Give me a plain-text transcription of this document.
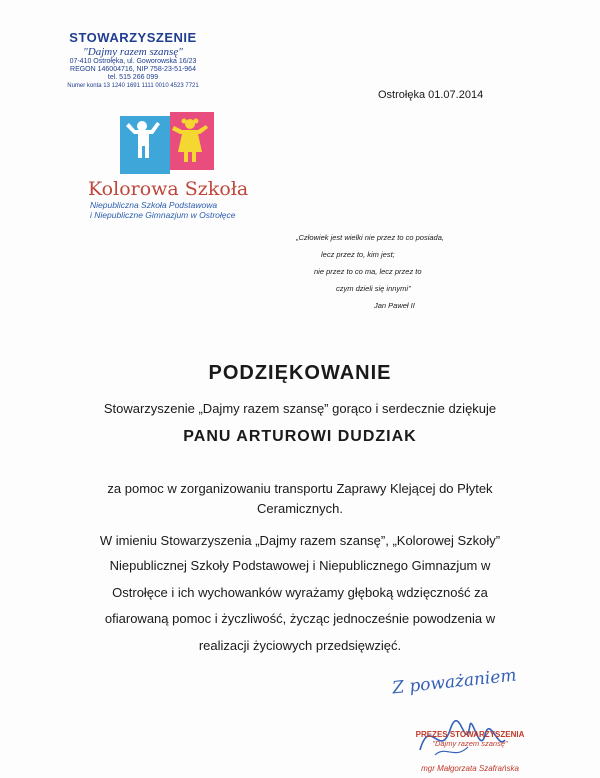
STOWARZYSZENIE
"Dajmy razem szansę"
07-410 Ostrołęka, ul. Goworowska 16/23
REGON 146004716, NIP 758-23-51-964
tel. 515 266 099
Numer konta 13 1240 1691 1111 0010 4523 7721
Ostrołęka 01.07.2014
Kolorowa Szkoła
Niepubliczna Szkoła Podstawowa
i Niepubliczne Gimnazjum w Ostrołęce
„Człowiek jest wielki nie przez to co posiada,
lecz przez to, kim jest;
nie przez to co ma, lecz przez to
czym dzieli się innymi”
Jan Paweł II
PODZIĘKOWANIE
Stowarzyszenie „Dajmy razem szansę” gorąco i serdecznie dziękuje
PANU ARTUROWI DUDZIAK
za pomoc w zorganizowaniu transportu Zaprawy Klejącej do Płytek
Ceramicznych.
W imieniu Stowarzyszenia „Dajmy razem szansę”, „Kolorowej Szkoły”
Niepublicznej Szkoły Podstawowej i Niepublicznego Gimnazjum w
Ostrołęce i ich wychowanków wyrażamy głęboką wdzięczność za
ofiarowaną pomoc i życzliwość, życząc jednocześnie powodzenia w
realizacji życiowych przedsięwzięć.
Z poważaniem
PREZES STOWARZYSZENIA
"Dajmy razem szansę"
mgr Małgorzata Szafrańska
